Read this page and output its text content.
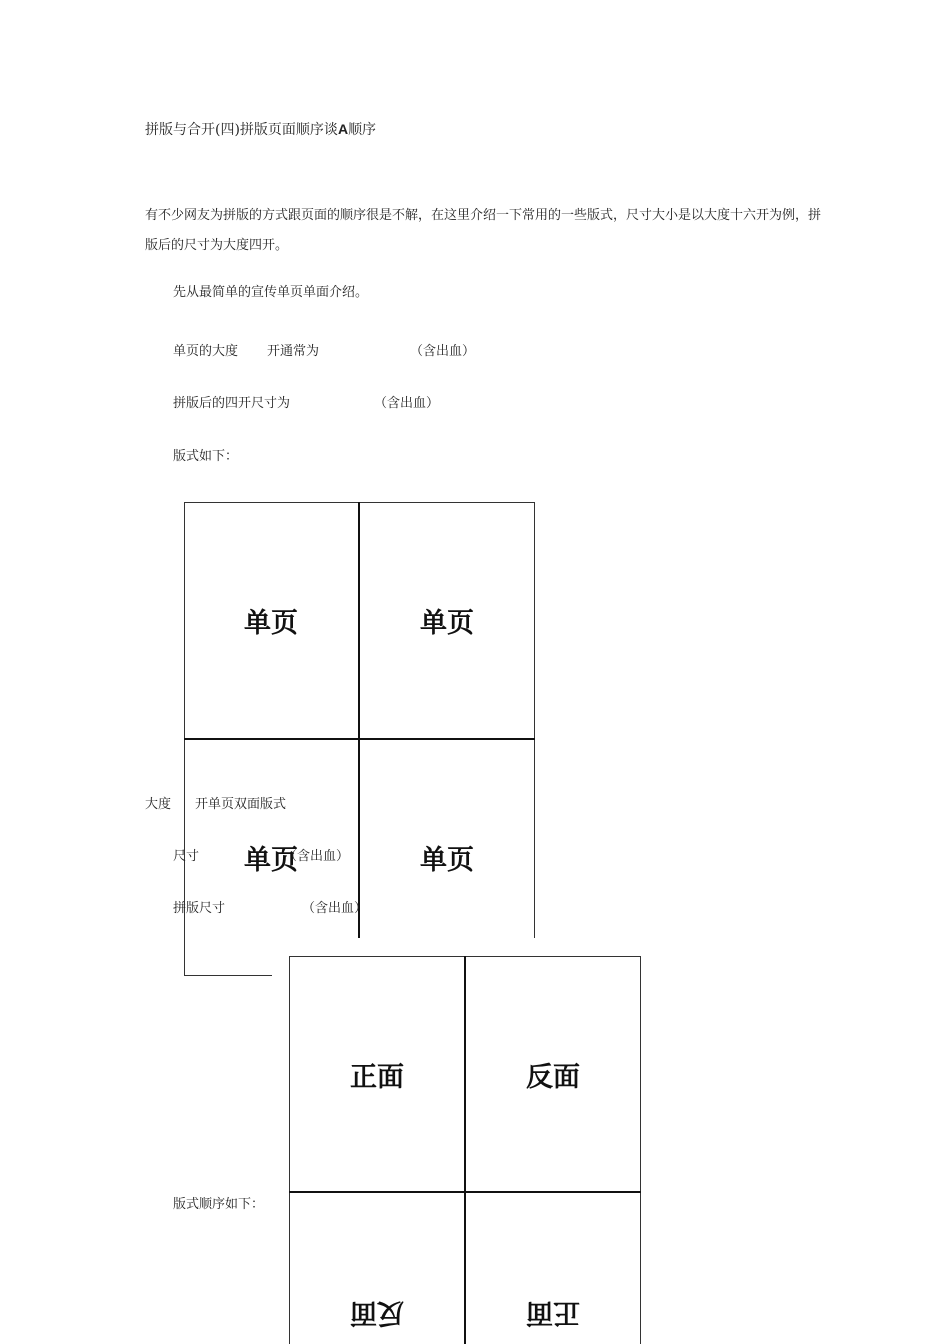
拼版与合开(四)拼版页面顺序谈A顺序
有不少网友为拼版的方式跟页面的顺序很是不解，在这里介绍一下常用的一些版式，尺寸大小是以大度十六开为例，拼版后的尺寸为大度四开。
先从最简单的宣传单页单面介绍。
单页的大度 开通常为	（含出血）
拼版后的四开尺寸为	（含出血）
版式如下：
单页	单页
单页	单页
大度 开单页双面版式
尺寸	（含出血）
拼版尺寸	（含出血）
版式顺序如下：
正面	反面
反面	正面
